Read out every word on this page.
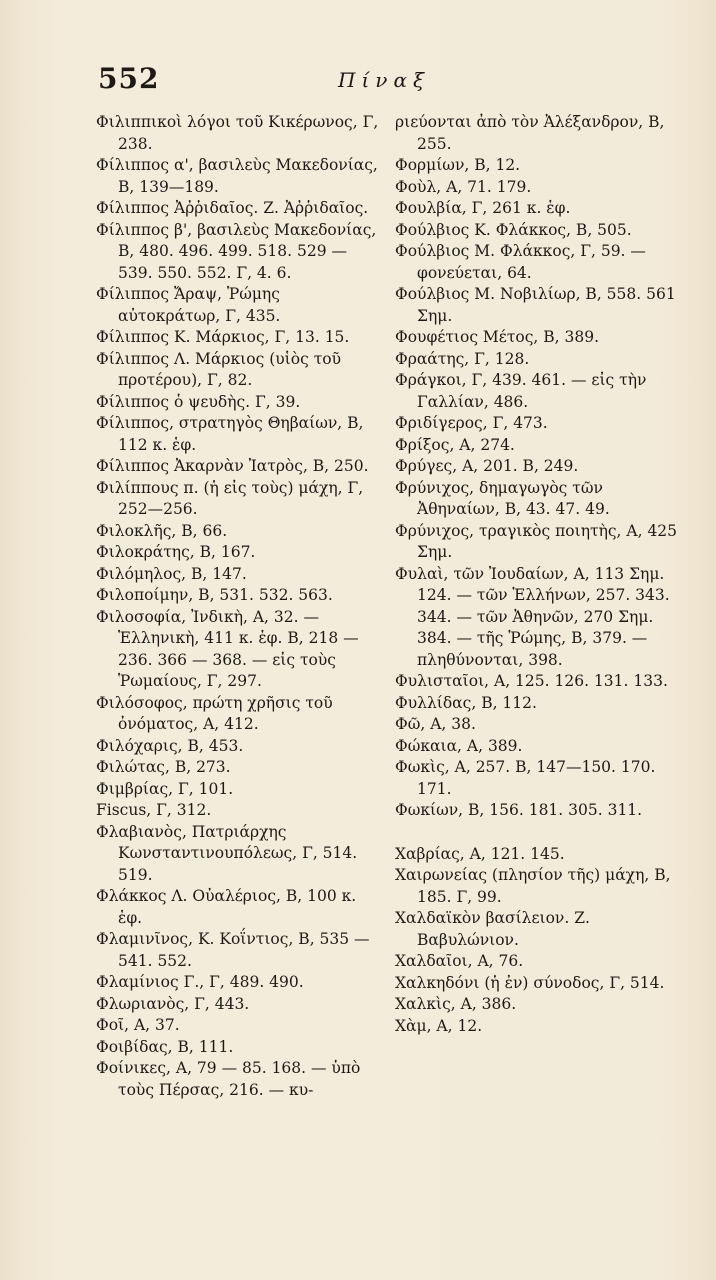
552	Πίναξ
Φιλιππικοὶ λόγοι τοῦ Κικέρωνος, Γ, 238.
Φίλιππος α', βασιλεὺς Μακεδονίας, Β, 139—189.
Φίλιππος Ἀῤῥιδαῖος. Ζ. Ἀῤῥιδαῖος.
Φίλιππος β', βασιλεὺς Μακεδονίας, Β, 480. 496. 499. 518. 529 — 539. 550. 552. Γ, 4. 6.
Φίλιππος Ἄραψ, Ῥώμης αὐτοκράτωρ, Γ, 435.
Φίλιππος Κ. Μάρκιος, Γ, 13. 15.
Φίλιππος Λ. Μάρκιος (υἱὸς τοῦ προτέρου), Γ, 82.
Φίλιππος ὁ ψευδὴς. Γ, 39.
Φίλιππος, στρατηγὸς Θηβαίων, Β, 112 κ. ἑφ.
Φίλιππος Ἀκαρνὰν Ἰατρὸς, Β, 250.
Φιλίππους π. (ἡ εἰς τοὺς) μάχη, Γ, 252—256.
Φιλοκλῆς, Β, 66.
Φιλοκράτης, Β, 167.
Φιλόμηλος, Β, 147.
Φιλοποίμην, Β, 531. 532. 563.
Φιλοσοφία, Ἰνδικὴ, Α, 32. — Ἑλληνικὴ, 411 κ. ἑφ. Β, 218 — 236. 366 — 368. — εἰς τοὺς Ῥωμαίους, Γ, 297.
Φιλόσοφος, πρώτη χρῆσις τοῦ ὀνόματος, Α, 412.
Φιλόχαρις, Β, 453.
Φιλώτας, Β, 273.
Φιμβρίας, Γ, 101.
Fiscus, Γ, 312.
Φλαβιανὸς, Πατριάρχης Κωνσταντινουπόλεως, Γ, 514. 519.
Φλάκκος Λ. Οὐαλέριος, Β, 100 κ. ἑφ.
Φλαμινῖνος, Κ. Κοΐντιος, Β, 535 — 541. 552.
Φλαμίνιος Γ., Γ, 489. 490.
Φλωριανὸς, Γ, 443.
Φοῖ, Α, 37.
Φοιβίδας, Β, 111.
Φοίνικες, Α, 79 — 85. 168. — ὑπὸ τοὺς Πέρσας, 216. — κυ-
ριεύονται ἀπὸ τὸν Ἀλέξανδρον, Β, 255.
Φορμίων, Β, 12.
Φοὺλ, Α, 71. 179.
Φουλβία, Γ, 261 κ. ἑφ.
Φούλβιος Κ. Φλάκκος, Β, 505.
Φούλβιος Μ. Φλάκκος, Γ, 59. — φονεύεται, 64.
Φούλβιος Μ. Νοβιλίωρ, Β, 558. 561 Σημ.
Φουφέτιος Μέτος, Β, 389.
Φραάτης, Γ, 128.
Φράγκοι, Γ, 439. 461. — εἰς τὴν Γαλλίαν, 486.
Φριδίγερος, Γ, 473.
Φρίξος, Α, 274.
Φρύγες, Α, 201. Β, 249.
Φρύνιχος, δημαγωγὸς τῶν Ἀθηναίων, Β, 43. 47. 49.
Φρύνιχος, τραγικὸς ποιητὴς, Α, 425 Σημ.
Φυλαὶ, τῶν Ἰουδαίων, Α, 113 Σημ. 124. — τῶν Ἑλλήνων, 257. 343. 344. — τῶν Ἀθηνῶν, 270 Σημ. 384. — τῆς Ῥώμης, Β, 379. — πληθύνονται, 398.
Φυλισταῖοι, Α, 125. 126. 131. 133.
Φυλλίδας, Β, 112.
Φῶ, Α, 38.
Φώκαια, Α, 389.
Φωκὶς, Α, 257. Β, 147—150. 170. 171.
Φωκίων, Β, 156. 181. 305. 311.
Χαβρίας, Α, 121. 145.
Χαιρωνείας (πλησίον τῆς) μάχη, Β, 185. Γ, 99.
Χαλδαϊκὸν βασίλειον. Ζ. Βαβυλώνιον.
Χαλδαῖοι, Α, 76.
Χαλκηδόνι (ἡ ἐν) σύνοδος, Γ, 514.
Χαλκὶς, Α, 386.
Χὰμ, Α, 12.
